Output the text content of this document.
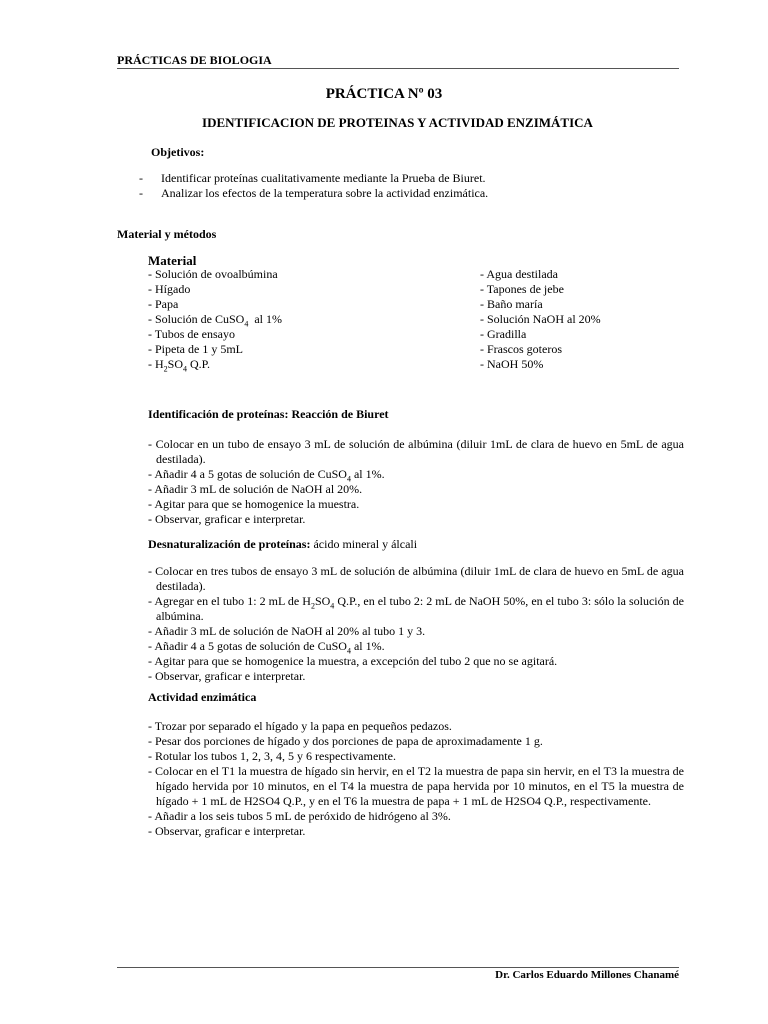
PRÁCTICAS DE BIOLOGIA
PRÁCTICA Nº 03
IDENTIFICACION DE PROTEINAS Y ACTIVIDAD ENZIMÁTICA
Objetivos:
- Identificar proteínas cualitativamente mediante la Prueba de Biuret.
- Analizar los efectos de la temperatura sobre la actividad enzimática.
Material y métodos
Material
- Solución de ovoalbúmina
- Hígado
- Papa
- Solución de CuSO$_4$  al 1%
- Tubos de ensayo
- Pipeta de 1 y 5mL
- $H_2SO_4$ Q.P.
- Agua destilada
- Tapones de jebe
- Baño maría
- Solución NaOH al 20%
- Gradilla
- Frascos goteros
- NaOH 50%
Identificación de proteínas: Reacción de Biuret
- Colocar en un tubo de ensayo 3 mL de solución de albúmina (diluir 1mL de clara de huevo en 5mL de agua destilada).
- Añadir 4 a 5 gotas de solución de CuSO$_4$ al 1%.
- Añadir 3 mL de solución de NaOH al 20%.
- Agitar para que se homogenice la muestra.
- Observar, graficar e interpretar.
Desnaturalización de proteínas: ácido mineral y álcali
- Colocar en tres tubos de ensayo 3 mL de solución de albúmina (diluir 1mL de clara de huevo en 5mL de agua destilada).
- Agregar en el tubo 1: 2 mL de $H_2SO_4$ Q.P., en el tubo 2: 2 mL de NaOH 50%, en el tubo 3: sólo la solución de albúmina.
- Añadir 3 mL de solución de NaOH al 20% al tubo 1 y 3.
- Añadir 4 a 5 gotas de solución de CuSO$_4$ al 1%.
- Agitar para que se homogenice la muestra, a excepción del tubo 2 que no se agitará.
- Observar, graficar e interpretar.
Actividad enzimática
- Trozar por separado el hígado y la papa en pequeños pedazos.
- Pesar dos porciones de hígado y dos porciones de papa de aproximadamente 1 g.
- Rotular los tubos 1, 2, 3, 4, 5 y 6 respectivamente.
- Colocar en el T1 la muestra de hígado sin hervir, en el T2 la muestra de papa sin hervir, en el T3 la muestra de hígado hervida por 10 minutos, en el T4 la muestra de papa hervida por 10 minutos, en el T5 la muestra de hígado + 1 mL de H2SO4 Q.P., y en el T6 la muestra de papa + 1 mL de H2SO4 Q.P., respectivamente.
- Añadir a los seis tubos 5 mL de peróxido de hidrógeno al 3%.
- Observar, graficar e interpretar.
Dr. Carlos Eduardo Millones Chanamé
